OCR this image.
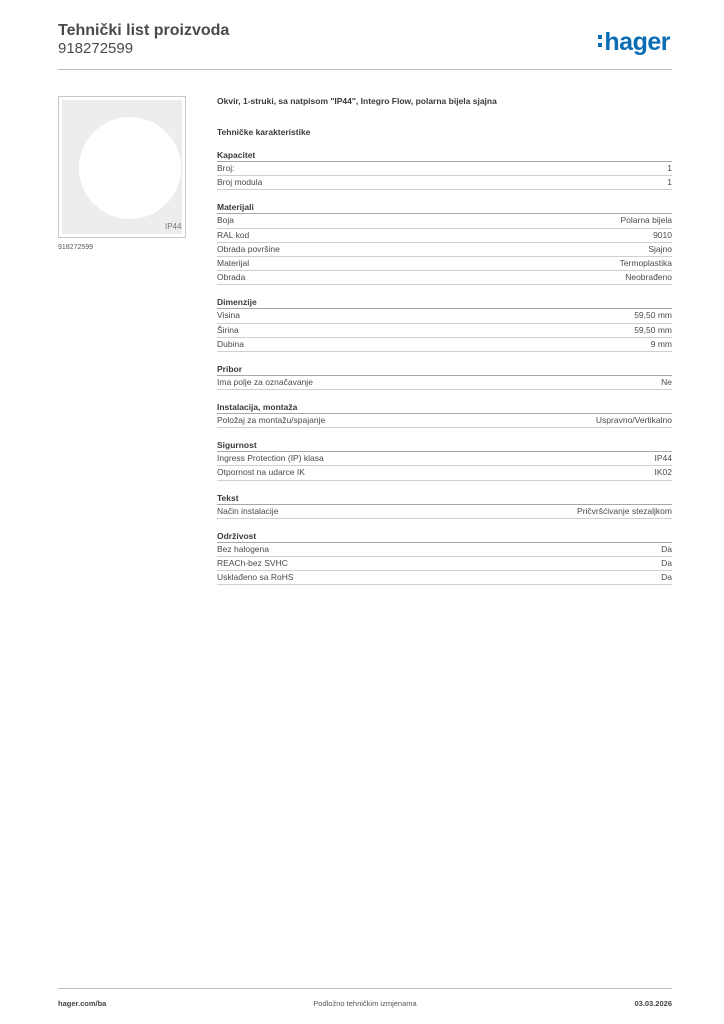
Tehnički list proizvoda
918272599	hager
IP44
918272599
Okvir, 1-struki, sa natpisom "IP44", Integro Flow, polarna bijela sjajna
Tehničke karakteristike
Kapacitet
Broj:	1
Broj modula	1
Materijali
Boja	Polarna bijela
RAL kod	9010
Obrada površine	Sjajno
Materijal	Termoplastika
Obrada	Neobrađeno
Dimenzije
Visina	59,50 mm
Širina	59,50 mm
Dubina	9 mm
Pribor
Ima polje za označavanje	Ne
Instalacija, montaža
Položaj za montažu/spajanje	Uspravno/Vertikalno
Sigurnost
Ingress Protection (IP) klasa	IP44
Otpornost na udarce IK	IK02
Tekst
Način instalacije	Pričvršćivanje stezaljkom
Održivost
Bez halogena	Da
REACh-bez SVHC	Da
Usklađeno sa RoHS	Da
hager.com/ba	Podložno tehničkim izmjenama	03.03.2026
